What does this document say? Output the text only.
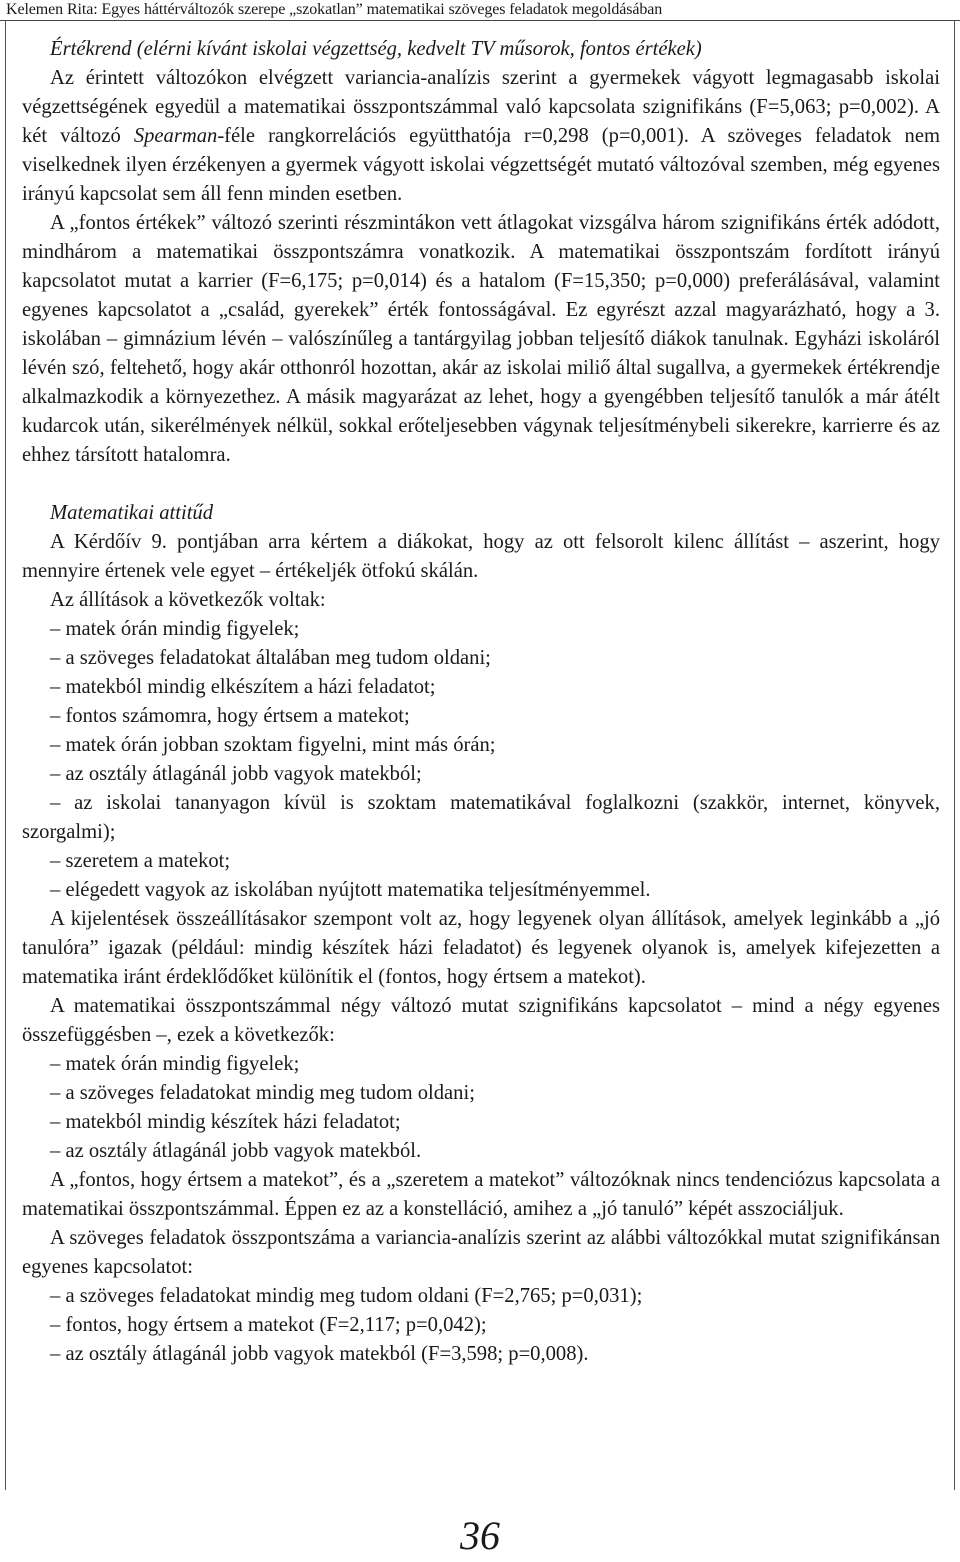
Kelemen Rita: Egyes háttérváltozók szerepe „szokatlan” matematikai szöveges feladatok megoldásában

Értékrend (elérni kívánt iskolai végzettség, kedvelt TV műsorok, fontos értékek)

Az érintett változókon elvégzett variancia-analízis szerint a gyermekek vágyott legmagasabb iskolai végzettségének egyedül a matematikai összpontszámmal való kapcsolata szignifikáns (F=5,063; p=0,002). A két változó Spearman-féle rangkorrelációs együtthatója r=0,298 (p=0,001). A szöveges feladatok nem viselkednek ilyen érzékenyen a gyermek vágyott iskolai végzettségét mutató változóval szemben, még egyenes irányú kapcsolat sem áll fenn minden esetben.

A „fontos értékek” változó szerinti részmintákon vett átlagokat vizsgálva három szignifikáns érték adódott, mindhárom a matematikai összpontszámra vonatkozik. A matematikai összpontszám fordított irányú kapcsolatot mutat a karrier (F=6,175; p=0,014) és a hatalom (F=15,350; p=0,000) preferálásával, valamint egyenes kapcsolatot a „család, gyerekek” érték fontosságával. Ez egyrészt azzal magyarázható, hogy a 3. iskolában – gimnázium lévén – valószínűleg a tantárgyilag jobban teljesítő diákok tanulnak. Egyházi iskoláról lévén szó, feltehető, hogy akár otthonról hozottan, akár az iskolai miliő által sugallva, a gyermekek értékrendje alkalmazkodik a környezethez. A másik magyarázat az lehet, hogy a gyengébben teljesítő tanulók a már átélt kudarcok után, sikerélmények nélkül, sokkal erőteljesebben vágynak teljesítménybeli sikerekre, karrierre és az ehhez társított hatalomra.

Matematikai attitűd

A Kérdőív 9. pontjában arra kértem a diákokat, hogy az ott felsorolt kilenc állítást – aszerint, hogy mennyire értenek vele egyet – értékeljék ötfokú skálán.

Az állítások a következők voltak:

– matek órán mindig figyelek;

– a szöveges feladatokat általában meg tudom oldani;

– matekból mindig elkészítem a házi feladatot;

– fontos számomra, hogy értsem a matekot;

– matek órán jobban szoktam figyelni, mint más órán;

– az osztály átlagánál jobb vagyok matekból;

– az iskolai tananyagon kívül is szoktam matematikával foglalkozni (szakkör, internet, könyvek, szorgalmi);

– szeretem a matekot;

– elégedett vagyok az iskolában nyújtott matematika teljesítményemmel.

A kijelentések összeállításakor szempont volt az, hogy legyenek olyan állítások, amelyek leginkább a „jó tanulóra” igazak (például: mindig készítek házi feladatot) és legyenek olyanok is, amelyek kifejezetten a matematika iránt érdeklődőket különítik el (fontos, hogy értsem a matekot).

A matematikai összpontszámmal négy változó mutat szignifikáns kapcsolatot – mind a négy egyenes összefüggésben –, ezek a következők:

– matek órán mindig figyelek;

– a szöveges feladatokat mindig meg tudom oldani;

– matekból mindig készítek házi feladatot;

– az osztály átlagánál jobb vagyok matekból.

A „fontos, hogy értsem a matekot”, és a „szeretem a matekot” változóknak nincs tendenciózus kapcsolata a matematikai összpontszámmal. Éppen ez az a konstelláció, amihez a „jó tanuló” képét asszociáljuk.

A szöveges feladatok összpontszáma a variancia-analízis szerint az alábbi változókkal mutat szignifikánsan egyenes kapcsolatot:

– a szöveges feladatokat mindig meg tudom oldani (F=2,765; p=0,031);

– fontos, hogy értsem a matekot (F=2,117; p=0,042);

– az osztály átlagánál jobb vagyok matekból (F=3,598; p=0,008).

36
